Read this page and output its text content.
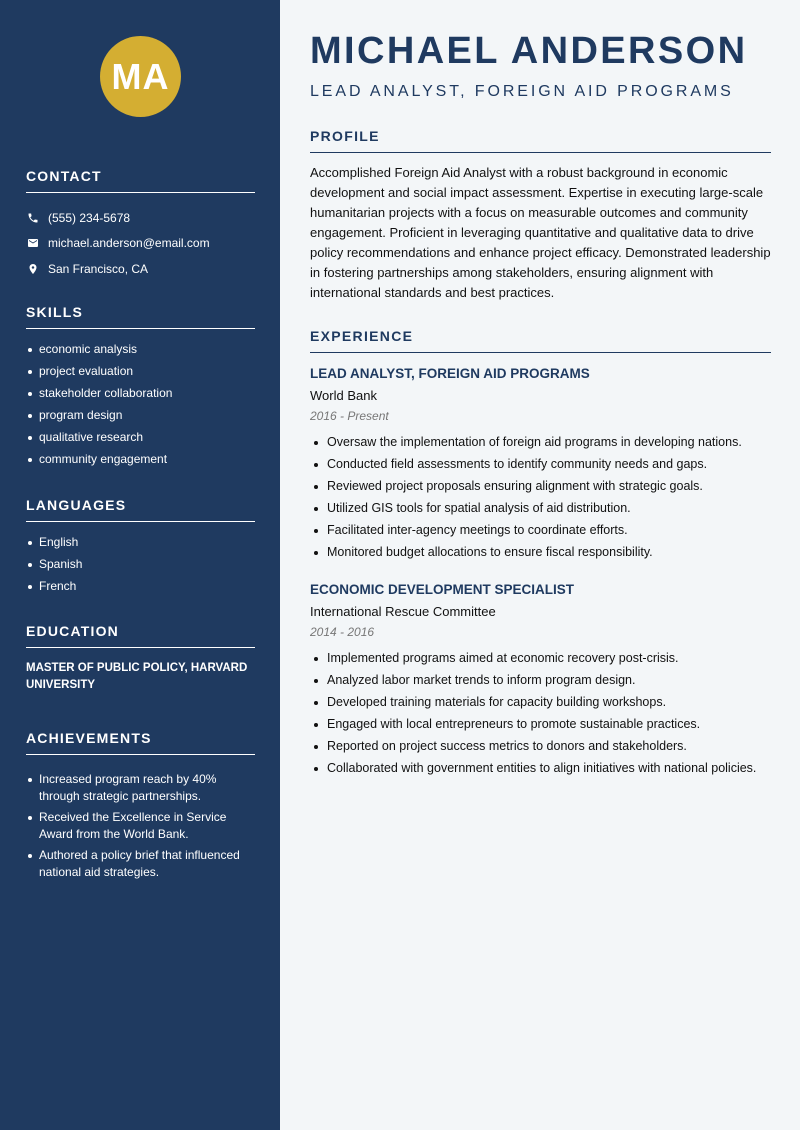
MA
CONTACT
(555) 234-5678
michael.anderson@email.com
San Francisco, CA
SKILLS
economic analysis
project evaluation
stakeholder collaboration
program design
qualitative research
community engagement
LANGUAGES
English
Spanish
French
EDUCATION
MASTER OF PUBLIC POLICY, HARVARD UNIVERSITY
ACHIEVEMENTS
Increased program reach by 40% through strategic partnerships.
Received the Excellence in Service Award from the World Bank.
Authored a policy brief that influenced national aid strategies.
MICHAEL ANDERSON
LEAD ANALYST, FOREIGN AID PROGRAMS
PROFILE
Accomplished Foreign Aid Analyst with a robust background in economic development and social impact assessment. Expertise in executing large-scale humanitarian projects with a focus on measurable outcomes and community engagement. Proficient in leveraging quantitative and qualitative data to drive policy recommendations and enhance project efficacy. Demonstrated leadership in fostering partnerships among stakeholders, ensuring alignment with international standards and best practices.
EXPERIENCE
LEAD ANALYST, FOREIGN AID PROGRAMS
World Bank
2016 - Present
Oversaw the implementation of foreign aid programs in developing nations.
Conducted field assessments to identify community needs and gaps.
Reviewed project proposals ensuring alignment with strategic goals.
Utilized GIS tools for spatial analysis of aid distribution.
Facilitated inter-agency meetings to coordinate efforts.
Monitored budget allocations to ensure fiscal responsibility.
ECONOMIC DEVELOPMENT SPECIALIST
International Rescue Committee
2014 - 2016
Implemented programs aimed at economic recovery post-crisis.
Analyzed labor market trends to inform program design.
Developed training materials for capacity building workshops.
Engaged with local entrepreneurs to promote sustainable practices.
Reported on project success metrics to donors and stakeholders.
Collaborated with government entities to align initiatives with national policies.
